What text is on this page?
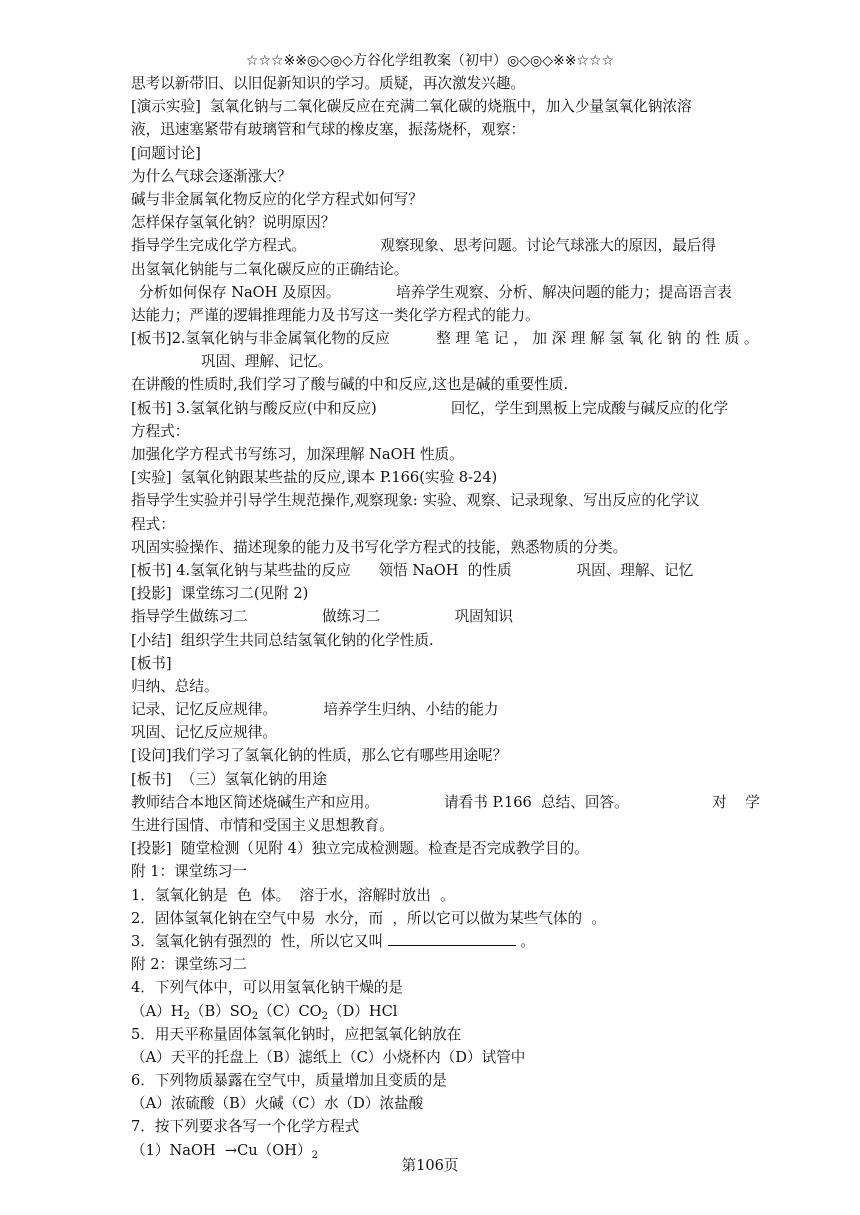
☆☆☆※※◎◇◎◇方谷化学组教案（初中）◎◇◎◇※※☆☆☆
思考以新带旧、以旧促新知识的学习。质疑，再次激发兴趣。
[演示实验]  氢氧化钠与二氧化碳反应在充满二氧化碳的烧瓶中，加入少量氢氧化钠浓溶
液，迅速塞紧带有玻璃管和气球的橡皮塞，振荡烧杯，观察：
[问题讨论]
为什么气球会逐渐涨大？
碱与非金属氧化物反应的化学方程式如何写？
怎样保存氢氧化钠？说明原因？
指导学生完成化学方程式。                观察现象、思考问题。讨论气球涨大的原因，最后得
出氢氧化钠能与二氧化碳反应的正确结论。
分析如何保存 NaOH 及原因。            培养学生观察、分析、解决问题的能力；提高语言表
达能力；严谨的逻辑推理能力及书写这一类化学方程式的能力。
[板书]2.氢氧化钠与非金属氧化物的反应          整 理 笔 记 ， 加 深 理 解 氢 氧 化 钠 的 性 质 。
巩固、理解、记忆。
在讲酸的性质时,我们学习了酸与碱的中和反应,这也是碱的重要性质.
[板书] 3.氢氧化钠与酸反应(中和反应)                回忆，学生到黑板上完成酸与碱反应的化学
方程式：
加强化学方程式书写练习，加深理解 NaOH 性质。
[实验]  氢氧化钠跟某些盐的反应,课本 P.166(实验 8-24)
指导学生实验并引导学生规范操作,观察现象: 实验、观察、记录现象、写出反应的化学议
程式：
巩固实验操作、描述现象的能力及书写化学方程式的技能，熟悉物质的分类。
[板书] 4.氢氧化钠与某些盐的反应      领悟 NaOH  的性质              巩固、理解、记忆
[投影]  课堂练习二(见附 2)
指导学生做练习二                做练习二                巩固知识
[小结]  组织学生共同总结氢氧化钠的化学性质.
[板书]
归纳、总结。
记录、记忆反应规律。          培养学生归纳、小结的能力
巩固、记忆反应规律。
[设问]我们学习了氢氧化钠的性质，那么它有哪些用途呢？
[板书]  （三）氢氧化钠的用途
教师结合本地区简述烧碱生产和应用。              请看书 P.166  总结、回答。                  对    学
生进行国情、市情和受国主义思想教育。
[投影]  随堂检测（见附 4）独立完成检测题。检查是否完成教学目的。
附 1：课堂练习一
1．氢氧化钠是  色  体。  溶于水，溶解时放出  。
2．固体氢氧化钠在空气中易  水分，而  ，所以它可以做为某些气体的  。
3．氢氧化钠有强烈的  性，所以它又叫	。
附 2：课堂练习二
4．下列气体中，可以用氢氧化钠干燥的是
$(A)H_2(B)SO_2(C)CO_2(D)HCl$
5．用天平称量固体氢氧化钠时，应把氢氧化钠放在
（A）天平的托盘上（B）滤纸上（C）小烧杯内（D）试管中
6．下列物质暴露在空气中，质量增加且变质的是
（A）浓硫酸（B）火碱（C）水（D）浓盐酸
7．按下列要求各写一个化学方程式
（1）NaOH  $\to Cu(OH)_2$
第106页
